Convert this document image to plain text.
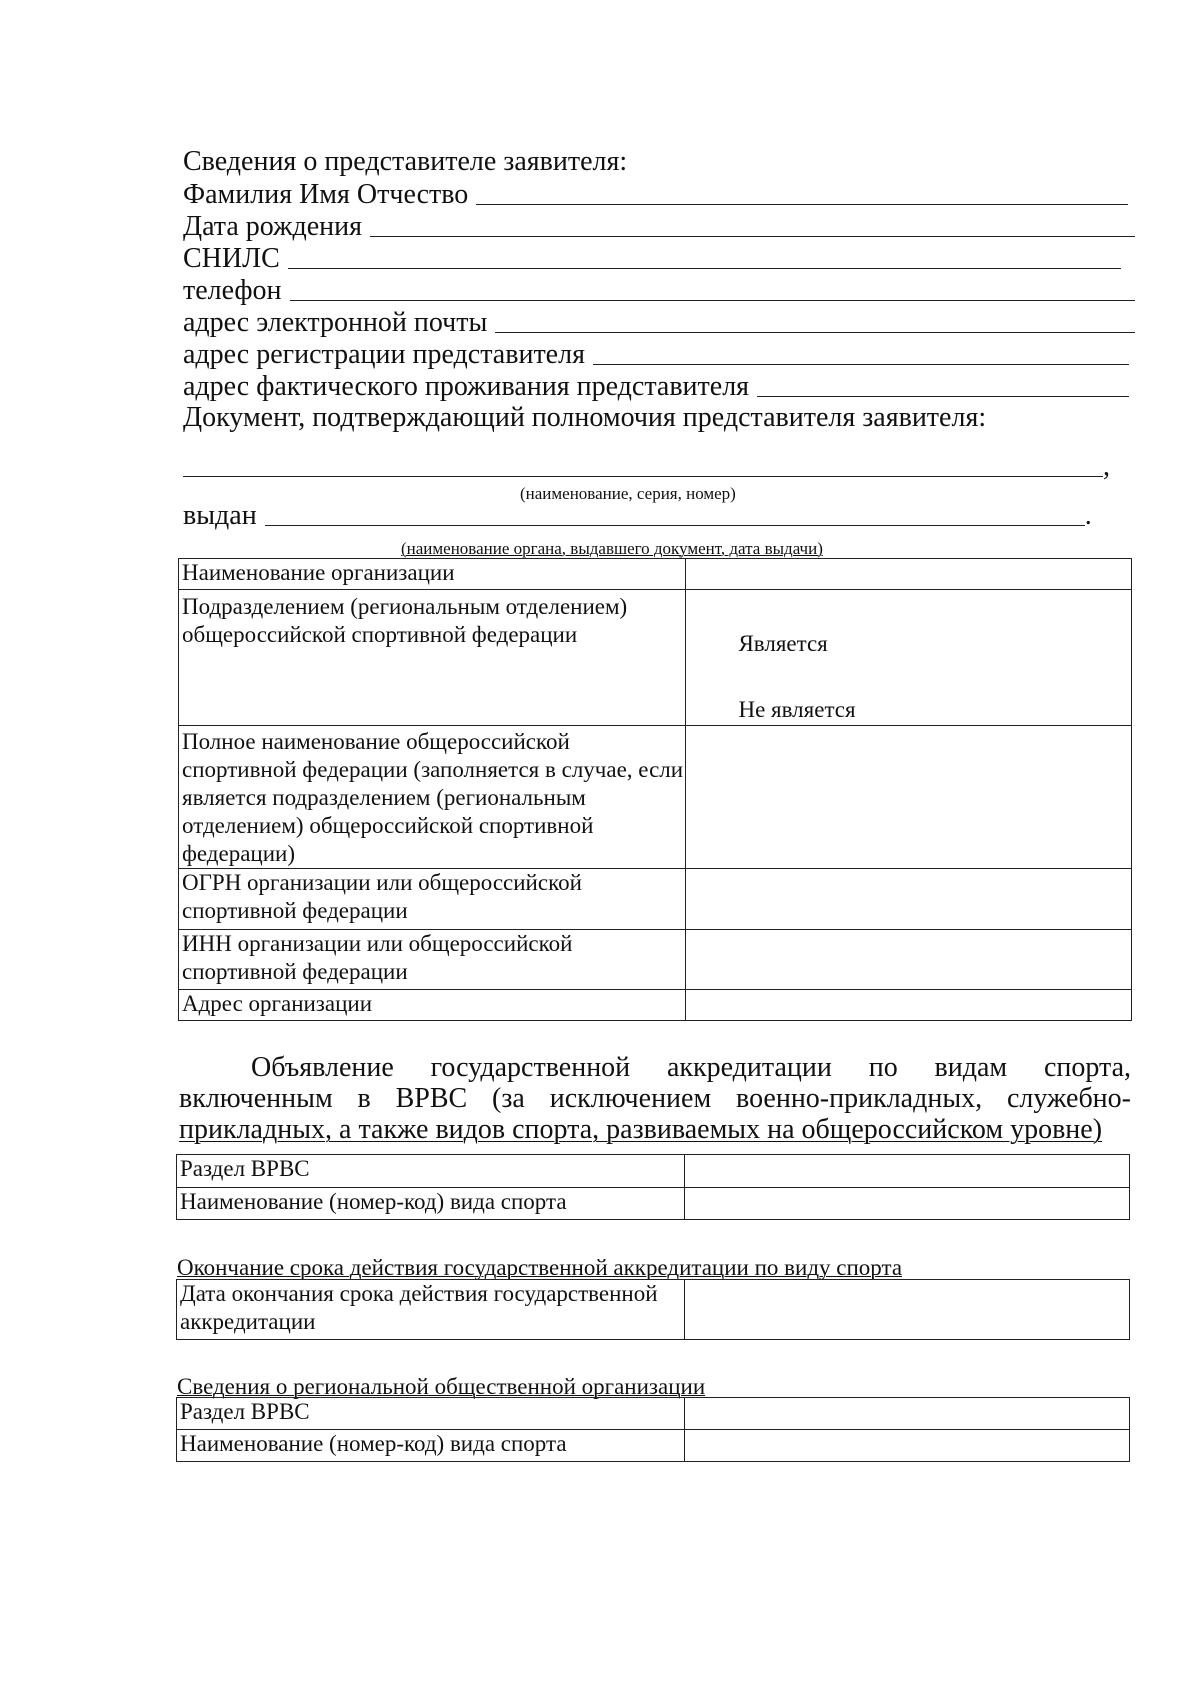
Сведения о представителе заявителя:
Фамилия Имя Отчество
Дата рождения
СНИЛС
телефон
адрес электронной почты
адрес регистрации представителя
адрес фактического проживания представителя
Документ, подтверждающий полномочия представителя заявителя:
,
(наименование, серия, номер)
выдан	.
(наименование органа, выдавшего документ, дата выдачи)
Наименование организации	
Подразделением (региональным отделением) общероссийской спортивной федерации	Является
Не является

Полное наименование общероссийской спортивной федерации (заполняется в случае, если является подразделением (региональным отделением) общероссийской спортивной федерации)	
ОГРН организации или общероссийской спортивной федерации	
ИНН организации или общероссийской спортивной федерации	
Адрес организации	

Объявление государственной аккредитации по видам спорта,

включенным в ВРВС (за исключением военно-прикладных, служебно-

прикладных, а также видов спорта, развиваемых на общероссийском уровне)

Раздел ВРВС	
Наименование (номер-код) вида спорта	
Окончание срока действия государственной аккредитации по виду спорта
Дата окончания срока действия государственной аккредитации	
Сведения о региональной общественной организации
Раздел ВРВС	
Наименование (номер-код) вида спорта	
